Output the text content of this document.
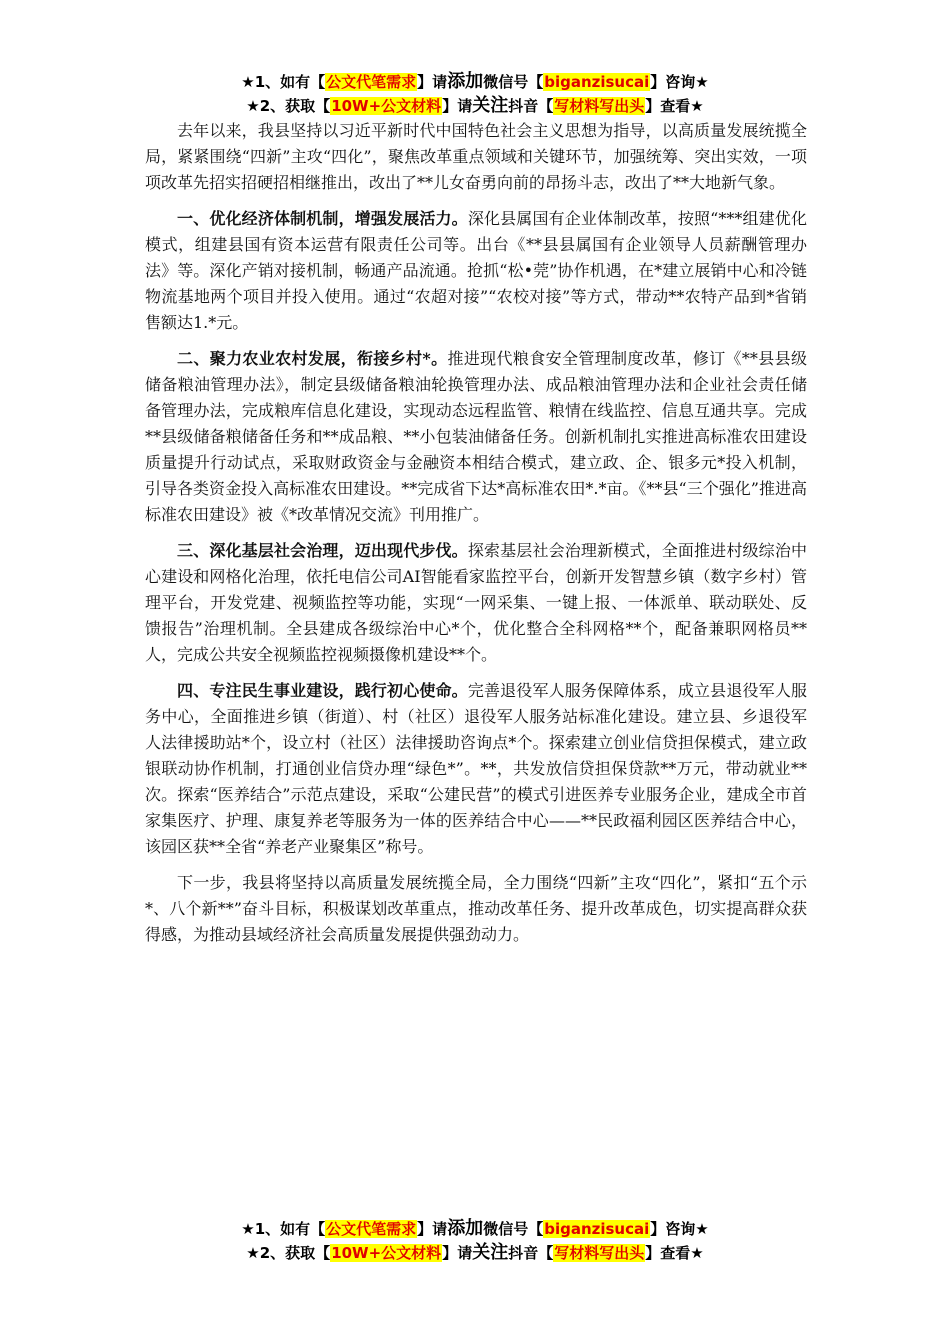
★1、如有【公文代笔需求】请添加微信号【biganzisucai】咨询★
★2、获取【10W+公文材料】请关注抖音【写材料写出头】查看★

去年以来，我县坚持以习近平新时代中国特色社会主义思想为指导，以高质量发展统揽全局，紧紧围绕“四新”主攻“四化”，聚焦改革重点领域和关键环节，加强统筹、突出实效，一项项改革先招实招硬招相继推出，改出了**儿女奋勇向前的昂扬斗志，改出了**大地新气象。

一、优化经济体制机制，增强发展活力。深化县属国有企业体制改革，按照“***组建优化模式，组建县国有资本运营有限责任公司等。出台《**县县属国有企业领导人员薪酬管理办法》等。深化产销对接机制，畅通产品流通。抢抓“松•莞”协作机遇，在*建立展销中心和冷链物流基地两个项目并投入使用。通过“农超对接”“农校对接”等方式，带动**农特产品到*省销售额达1.*元。

二、聚力农业农村发展，衔接乡村*。推进现代粮食安全管理制度改革，修订《**县县级储备粮油管理办法》，制定县级储备粮油轮换管理办法、成品粮油管理办法和企业社会责任储备管理办法，完成粮库信息化建设，实现动态远程监管、粮情在线监控、信息互通共享。完成**县级储备粮储备任务和**成品粮、**小包装油储备任务。创新机制扎实推进高标准农田建设质量提升行动试点，采取财政资金与金融资本相结合模式，建立政、企、银多元*投入机制，引导各类资金投入高标准农田建设。**完成省下达*高标准农田*.*亩。《**县“三个强化”推进高标准农田建设》被《*改革情况交流》刊用推广。

三、深化基层社会治理，迈出现代步伐。探索基层社会治理新模式，全面推进村级综治中心建设和网格化治理，依托电信公司AI智能看家监控平台，创新开发智慧乡镇（数字乡村）管理平台，开发党建、视频监控等功能，实现“一网采集、一键上报、一体派单、联动联处、反馈报告”治理机制。全县建成各级综治中心*个，优化整合全科网格**个，配备兼职网格员**人，完成公共安全视频监控视频摄像机建设**个。

四、专注民生事业建设，践行初心使命。完善退役军人服务保障体系，成立县退役军人服务中心，全面推进乡镇（街道）、村（社区）退役军人服务站标准化建设。建立县、乡退役军人法律援助站*个，设立村（社区）法律援助咨询点*个。探索建立创业信贷担保模式，建立政银联动协作机制，打通创业信贷办理“绿色*”。**，共发放信贷担保贷款**万元，带动就业**次。探索“医养结合”示范点建设，采取“公建民营”的模式引进医养专业服务企业，建成全市首家集医疗、护理、康复养老等服务为一体的医养结合中心——**民政福利园区医养结合中心，该园区获**全省“养老产业聚集区”称号。

下一步，我县将坚持以高质量发展统揽全局，全力围绕“四新”主攻“四化”，紧扣“五个示*、八个新**”奋斗目标，积极谋划改革重点，推动改革任务、提升改革成色，切实提高群众获得感，为推动县域经济社会高质量发展提供强劲动力。

★1、如有【公文代笔需求】请添加微信号【biganzisucai】咨询★
★2、获取【10W+公文材料】请关注抖音【写材料写出头】查看★
